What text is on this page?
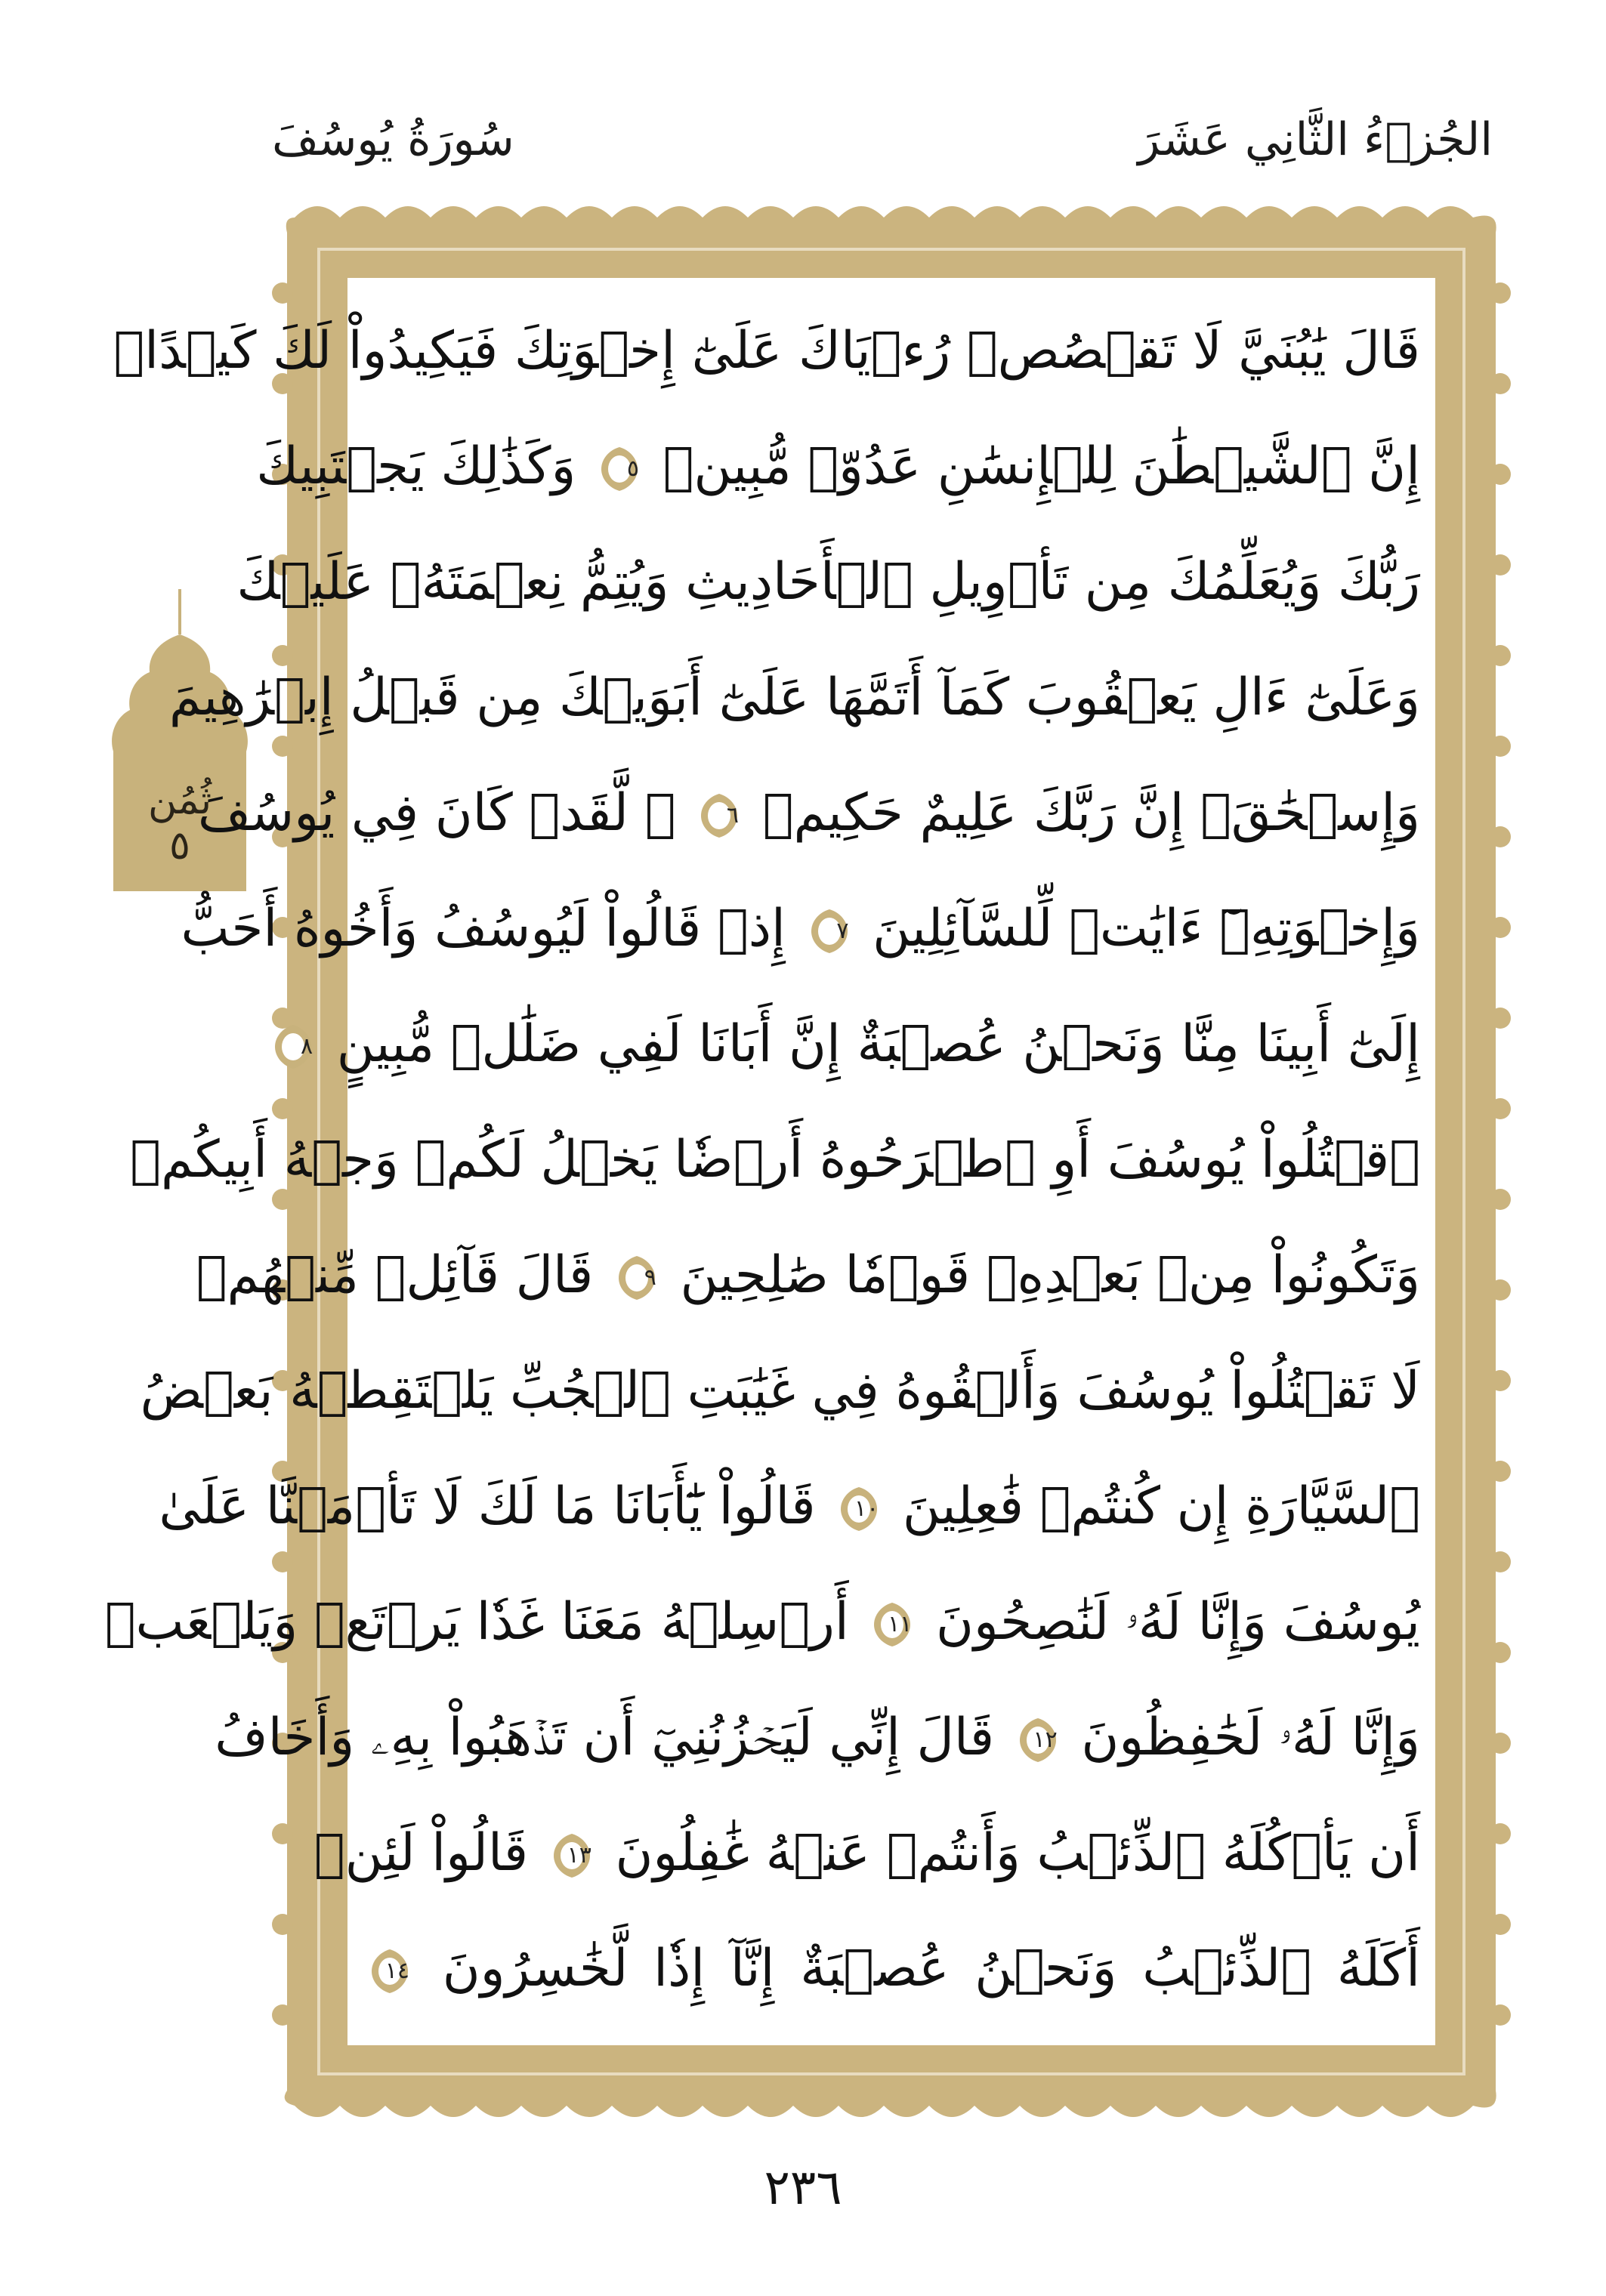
الجُزۡءُ الثَّانِي عَشَرَ
سُورَةُ يُوسُفَ
ثُمُن
٥
قَالَ يَٰبُنَيَّ لَا تَقۡصُصۡ رُءۡيَاكَ عَلَىٰٓ إِخۡوَتِكَ فَيَكِيدُواْ لَكَ كَيۡدًاۖ
إِنَّ ٱلشَّيۡطَٰنَ لِلۡإِنسَٰنِ عَدُوّٞ مُّبِينٞ
٥ وَكَذَٰلِكَ يَجۡتَبِيكَ
رَبُّكَ وَيُعَلِّمُكَ مِن تَأۡوِيلِ ٱلۡأَحَادِيثِ وَيُتِمُّ نِعۡمَتَهُۥ عَلَيۡكَ
وَعَلَىٰٓ ءَالِ يَعۡقُوبَ كَمَآ أَتَمَّهَا عَلَىٰٓ أَبَوَيۡكَ مِن قَبۡلُ إِبۡرَٰهِيمَ
وَإِسۡحَٰقَۚ إِنَّ رَبَّكَ عَلِيمٌ حَكِيمٞ
٦ ۞ لَّقَدۡ كَانَ فِي يُوسُفَ
وَإِخۡوَتِهِۦٓ ءَايَٰتٞ لِّلسَّآئِلِينَ
٧ إِذۡ قَالُواْ لَيُوسُفُ وَأَخُوهُ أَحَبُّ
إِلَىٰٓ أَبِينَا مِنَّا وَنَحۡنُ عُصۡبَةٌ إِنَّ أَبَانَا لَفِي ضَلَٰلٖ مُّبِينٍ
٨
ٱقۡتُلُواْ يُوسُفَ أَوِ ٱطۡرَحُوهُ أَرۡضٗا يَخۡلُ لَكُمۡ وَجۡهُ أَبِيكُمۡ
وَتَكُونُواْ مِنۢ بَعۡدِهِۦ قَوۡمٗا صَٰلِحِينَ
٩ قَالَ قَآئِلٞ مِّنۡهُمۡ
لَا تَقۡتُلُواْ يُوسُفَ وَأَلۡقُوهُ فِي غَيَٰبَتِ ٱلۡجُبِّ يَلۡتَقِطۡهُ بَعۡضُ
ٱلسَّيَّارَةِ إِن كُنتُمۡ فَٰعِلِينَ
١٠ قَالُواْ يَٰٓأَبَانَا مَا لَكَ لَا تَأۡمَ۬نَّا عَلَىٰ
يُوسُفَ وَإِنَّا لَهُۥ لَنَٰصِحُونَ
١١ أَرۡسِلۡهُ مَعَنَا غَدٗا يَرۡتَعۡ وَيَلۡعَبۡ
وَإِنَّا لَهُۥ لَحَٰفِظُونَ
١٢ قَالَ إِنِّي لَيَحۡزُنُنِيٓ أَن تَذۡهَبُواْ بِهِۦ وَأَخَافُ
أَن يَأۡكُلَهُ ٱلذِّئۡبُ وَأَنتُمۡ عَنۡهُ غَٰفِلُونَ
١٣ قَالُواْ لَئِنۡ
أَكَلَهُ ٱلذِّئۡبُ وَنَحۡنُ عُصۡبَةٌ إِنَّآ إِذٗا لَّخَٰسِرُونَ
١٤
٢٣٦
